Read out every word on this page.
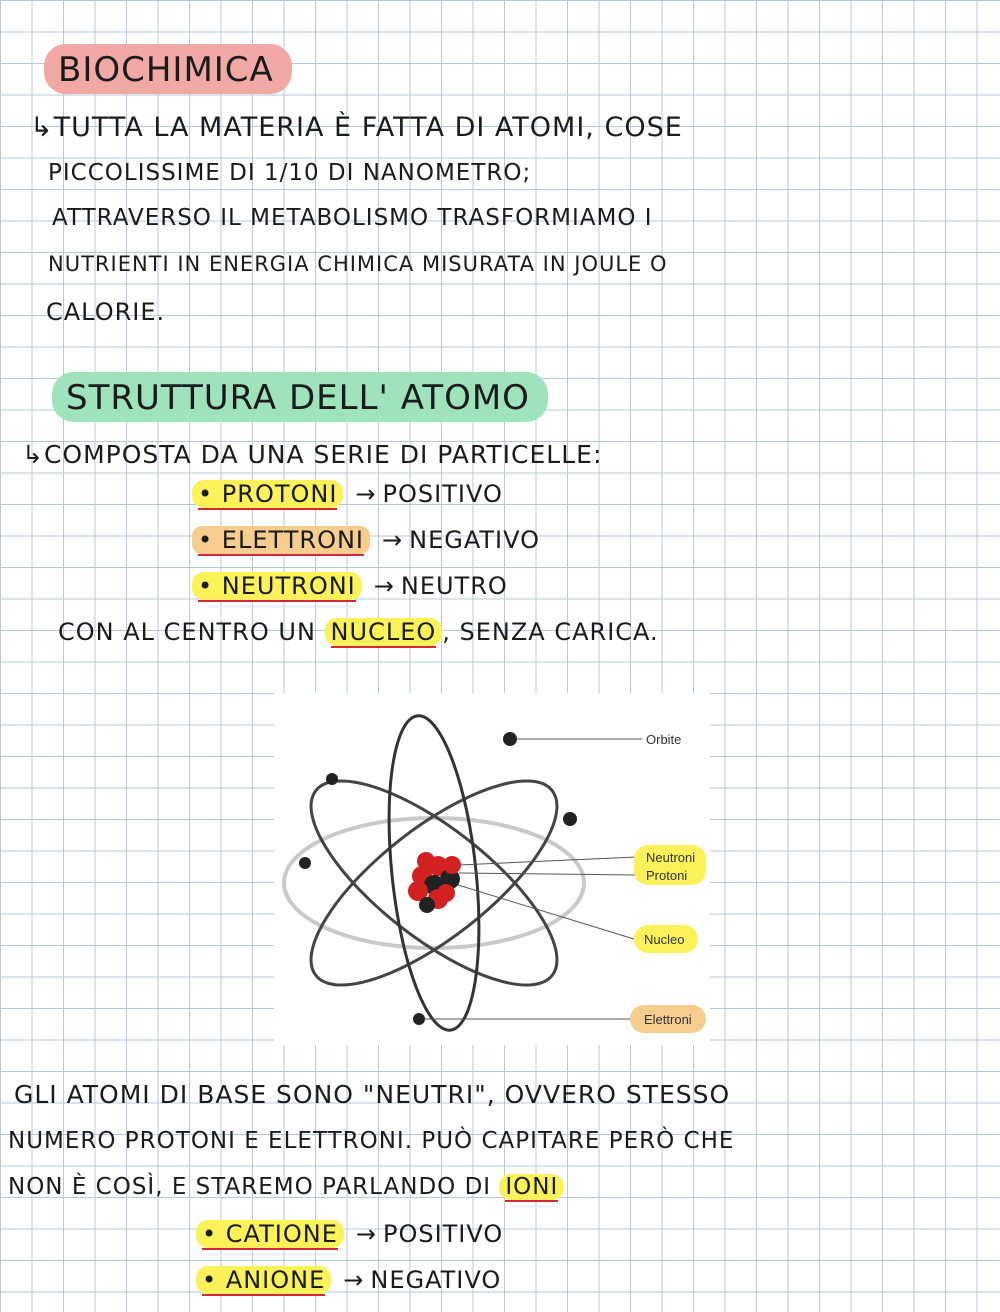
BIOCHIMICA
↳TUTTA LA MATERIA È FATTA DI ATOMI, COSE
PICCOLISSIME DI 1/10 DI NANOMETRO;
ATTRAVERSO IL METABOLISMO TRASFORMIAMO I
NUTRIENTI IN ENERGIA CHIMICA MISURATA IN JOULE O
CALORIE.
STRUTTURA DELL' ATOMO
↳COMPOSTA DA UNA SERIE DI PARTICELLE:
• PROTONI → POSITIVO
• ELETTRONI → NEGATIVO
• NEUTRONI → NEUTRO
CON AL CENTRO UN NUCLEO , SENZA CARICA.
Orbite
Neutroni
Protoni
Nucleo
Elettroni
GLI ATOMI DI BASE SONO "NEUTRI", OVVERO STESSO
NUMERO PROTONI E ELETTRONI. PUÒ CAPITARE PERÒ CHE
NON È COSÌ, E STAREMO PARLANDO DI IONI
• CATIONE → POSITIVO
• ANIONE → NEGATIVO
